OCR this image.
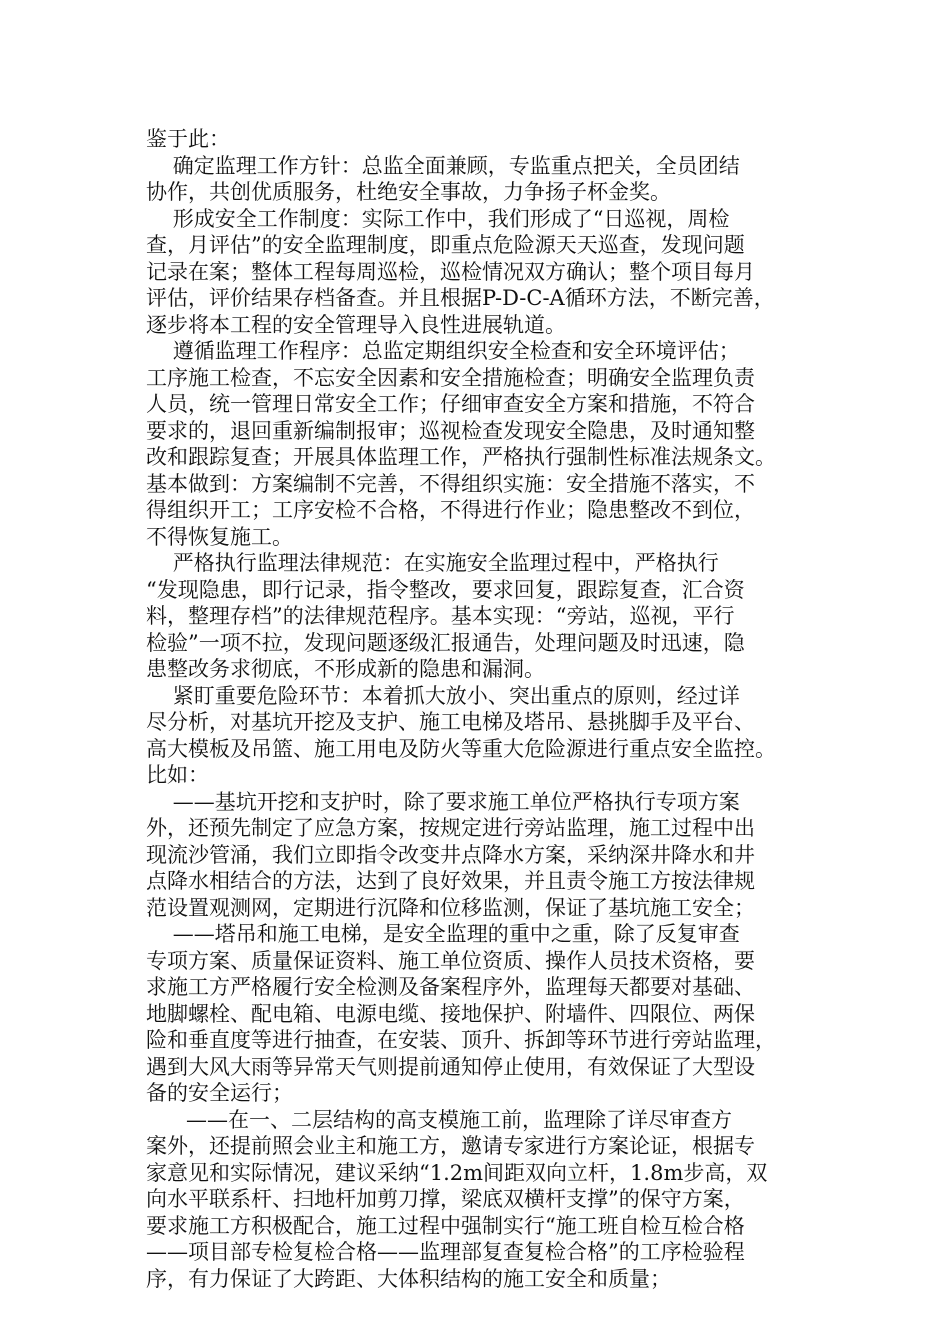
鉴于此：
确定监理工作方针：总监全面兼顾，专监重点把关，全员团结
协作，共创优质服务，杜绝安全事故，力争扬子杯金奖。
形成安全工作制度：实际工作中，我们形成了“日巡视，周检
查，月评估”的安全监理制度，即重点危险源天天巡查，发现问题
记录在案；整体工程每周巡检，巡检情况双方确认；整个项目每月
评估，评价结果存档备查。并且根据P-D-C-A循环方法，不断完善，
逐步将本工程的安全管理导入良性进展轨道。
遵循监理工作程序：总监定期组织安全检查和安全环境评估；
工序施工检查，不忘安全因素和安全措施检查；明确安全监理负责
人员，统一管理日常安全工作；仔细审查安全方案和措施，不符合
要求的，退回重新编制报审；巡视检查发现安全隐患，及时通知整
改和跟踪复查；开展具体监理工作，严格执行强制性标准法规条文。
基本做到：方案编制不完善，不得组织实施：安全措施不落实，不
得组织开工；工序安检不合格，不得进行作业；隐患整改不到位，
不得恢复施工。
严格执行监理法律规范：在实施安全监理过程中，严格执行
“发现隐患，即行记录，指令整改，要求回复，跟踪复查，汇合资
料，整理存档”的法律规范程序。基本实现：“旁站，巡视，平行
检验”一项不拉，发现问题逐级汇报通告，处理问题及时迅速，隐
患整改务求彻底，不形成新的隐患和漏洞。
紧盯重要危险环节：本着抓大放小、突出重点的原则，经过详
尽分析，对基坑开挖及支护、施工电梯及塔吊、悬挑脚手及平台、
高大模板及吊篮、施工用电及防火等重大危险源进行重点安全监控。
比如：
——基坑开挖和支护时，除了要求施工单位严格执行专项方案
外，还预先制定了应急方案，按规定进行旁站监理，施工过程中出
现流沙管涌，我们立即指令改变井点降水方案，采纳深井降水和井
点降水相结合的方法，达到了良好效果，并且责令施工方按法律规
范设置观测网，定期进行沉降和位移监测，保证了基坑施工安全；
——塔吊和施工电梯，是安全监理的重中之重，除了反复审查
专项方案、质量保证资料、施工单位资质、操作人员技术资格，要
求施工方严格履行安全检测及备案程序外，监理每天都要对基础、
地脚螺栓、配电箱、电源电缆、接地保护、附墙件、四限位、两保
险和垂直度等进行抽查，在安装、顶升、拆卸等环节进行旁站监理，
遇到大风大雨等异常天气则提前通知停止使用，有效保证了大型设
备的安全运行；
——在一、二层结构的高支模施工前，监理除了详尽审查方
案外，还提前照会业主和施工方，邀请专家进行方案论证，根据专
家意见和实际情况，建议采纳“1.2m间距双向立杆，1.8m步高，双
向水平联系杆、扫地杆加剪刀撑，梁底双横杆支撑”的保守方案，
要求施工方积极配合，施工过程中强制实行“施工班自检互检合格
——项目部专检复检合格——监理部复查复检合格”的工序检验程
序，有力保证了大跨距、大体积结构的施工安全和质量；
